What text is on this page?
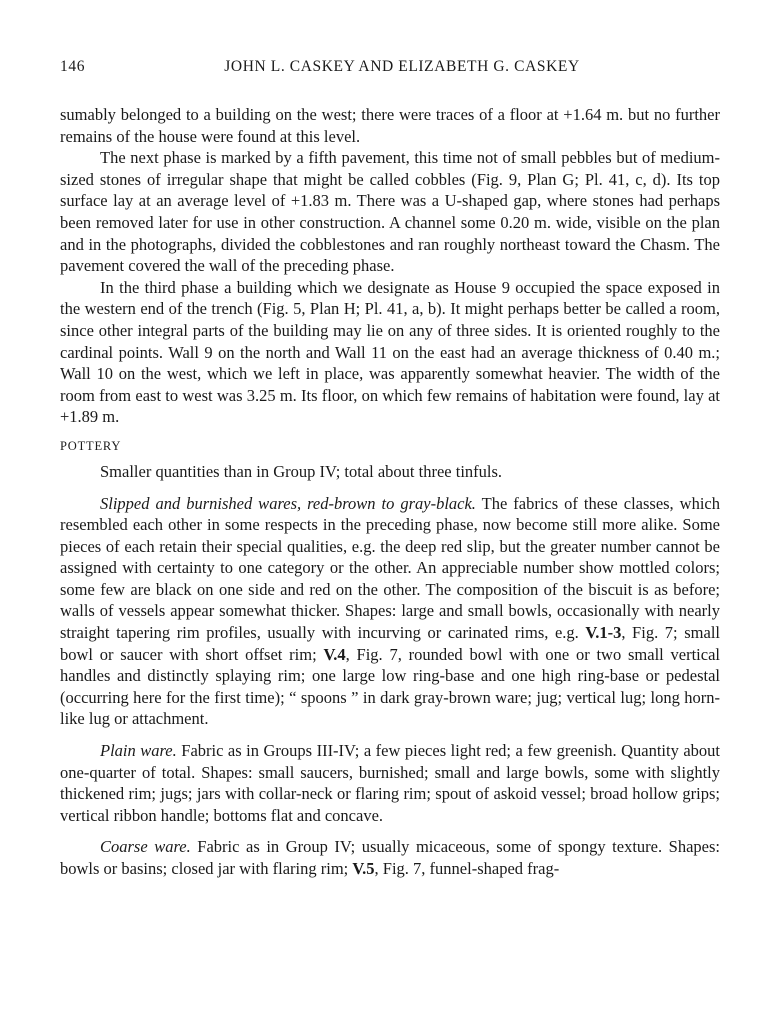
146	JOHN L. CASKEY AND ELIZABETH G. CASKEY

sumably belonged to a building on the west; there were traces of a floor at +1.64 m. but no further remains of the house were found at this level.

The next phase is marked by a fifth pavement, this time not of small pebbles but of medium-sized stones of irregular shape that might be called cobbles (Fig. 9, Plan G; Pl. 41, c, d). Its top surface lay at an average level of +1.83 m. There was a U-shaped gap, where stones had perhaps been removed later for use in other construction. A channel some 0.20 m. wide, visible on the plan and in the photographs, divided the cobblestones and ran roughly northeast toward the Chasm. The pavement covered the wall of the preceding phase.

In the third phase a building which we designate as House 9 occupied the space exposed in the western end of the trench (Fig. 5, Plan H; Pl. 41, a, b). It might perhaps better be called a room, since other integral parts of the building may lie on any of three sides. It is oriented roughly to the cardinal points. Wall 9 on the north and Wall 11 on the east had an average thickness of 0.40 m.; Wall 10 on the west, which we left in place, was apparently somewhat heavier. The width of the room from east to west was 3.25 m. Its floor, on which few remains of habitation were found, lay at +1.89 m.

POTTERY

Smaller quantities than in Group IV; total about three tinfuls.

Slipped and burnished wares, red-brown to gray-black. The fabrics of these classes, which resembled each other in some respects in the preceding phase, now become still more alike. Some pieces of each retain their special qualities, e.g. the deep red slip, but the greater number cannot be assigned with certainty to one category or the other. An appreciable number show mottled colors; some few are black on one side and red on the other. The composition of the biscuit is as before; walls of vessels appear somewhat thicker. Shapes: large and small bowls, occasionally with nearly straight tapering rim profiles, usually with incurving or carinated rims, e.g. V.1-3, Fig. 7; small bowl or saucer with short offset rim; V.4, Fig. 7, rounded bowl with one or two small vertical handles and distinctly splaying rim; one large low ring-base and one high ring-base or pedestal (occurring here for the first time); “ spoons ” in dark gray-brown ware; jug; vertical lug; long horn-like lug or attachment.

Plain ware. Fabric as in Groups III-IV; a few pieces light red; a few greenish. Quantity about one-quarter of total. Shapes: small saucers, burnished; small and large bowls, some with slightly thickened rim; jugs; jars with collar-neck or flaring rim; spout of askoid vessel; broad hollow grips; vertical ribbon handle; bottoms flat and concave.

Coarse ware. Fabric as in Group IV; usually micaceous, some of spongy texture. Shapes: bowls or basins; closed jar with flaring rim; V.5, Fig. 7, funnel-shaped frag-
